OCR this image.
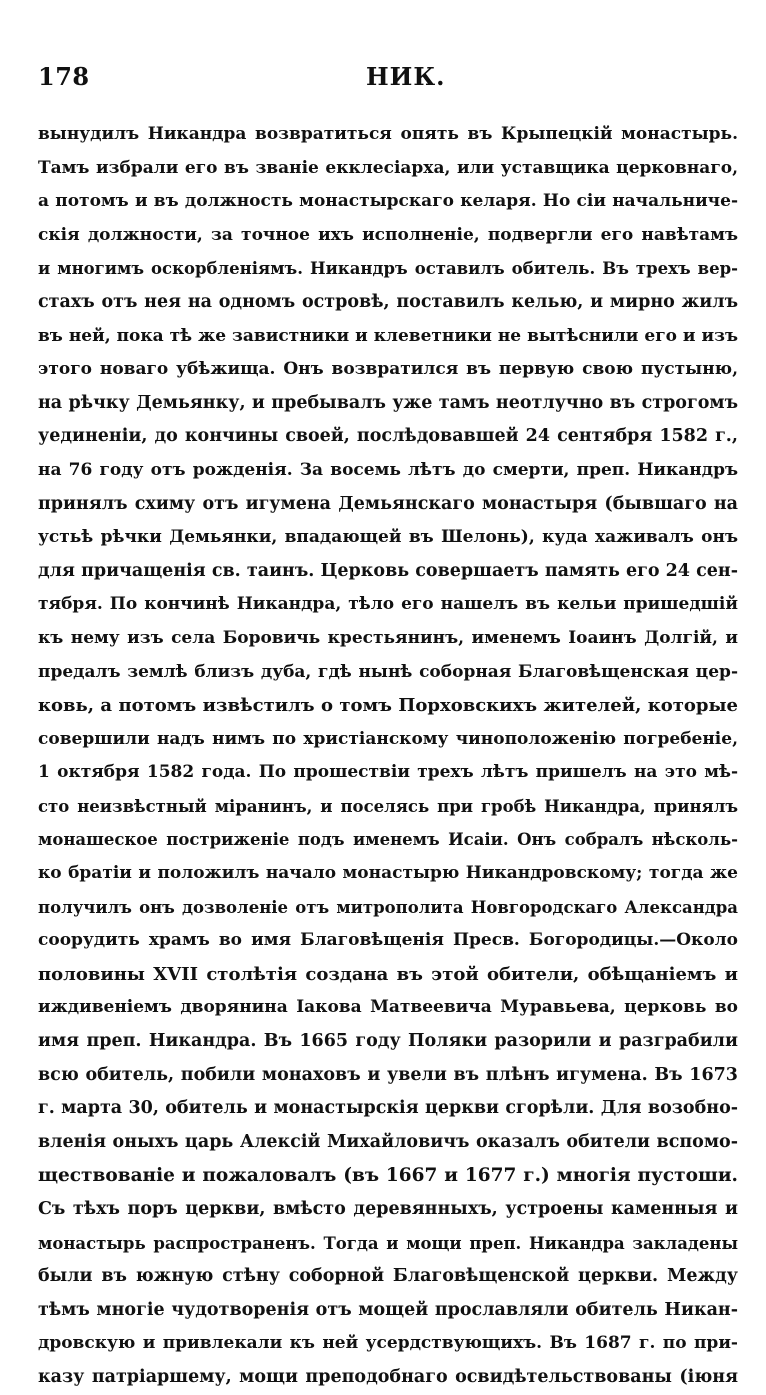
178	НИК.
вынудилъ Никандра возвратиться опять въ Крыпецкій монастырь.
Тамъ избрали его въ званіе екклесіарха, или уставщика церковнаго,
а потомъ и въ должность монастырскаго келаря. Но сіи начальниче-
скія должности, за точное ихъ исполненіе, подвергли его навѣтамъ
и многимъ оскорбленіямъ. Никандръ оставилъ обитель. Въ трехъ вер-
стахъ отъ нея на одномъ островѣ, поставилъ келью, и мирно жилъ
въ ней, пока тѣ же завистники и клеветники не вытѣснили его и изъ
этого новаго убѣжища. Онъ возвратился въ первую свою пустыню,
на рѣчку Демьянку, и пребывалъ уже тамъ неотлучно въ строгомъ
уединеніи, до кончины своей, послѣдовавшей 24 сентября 1582 г.,
на 76 году отъ рожденія. За восемь лѣтъ до смерти, преп. Никандръ
принялъ схиму отъ игумена Демьянскаго монастыря (бывшаго на
устьѣ рѣчки Демьянки, впадающей въ Шелонь), куда хаживалъ онъ
для причащенія св. таинъ. Церковь совершаетъ память его 24 сен-
тября. По кончинѣ Никандра, тѣло его нашелъ въ кельи пришедшій
къ нему изъ села Боровичь крестьянинъ, именемъ Іоаинъ Долгій, и
предалъ землѣ близъ дуба, гдѣ нынѣ соборная Благовѣщенская цер-
ковь, а потомъ извѣстилъ о томъ Порховскихъ жителей, которые
совершили надъ нимъ по христіанскому чиноположенію погребеніе,
1 октября 1582 года. По прошествіи трехъ лѣтъ пришелъ на это мѣ-
сто неизвѣстный міранинъ, и поселясь при гробѣ Никандра, принялъ
монашеское постриженіе подъ именемъ Исаіи. Онъ собралъ нѣсколь-
ко братіи и положилъ начало монастырю Никандровскому; тогда же
получилъ онъ дозволеніе отъ митрополита Новгородскаго Александра
соорудить храмъ во имя Благовѣщенія Пресв. Богородицы.—Около
половины XVII столѣтія создана въ этой обители, обѣщаніемъ и
иждивеніемъ дворянина Іакова Матвеевича Муравьева, церковь во
имя преп. Никандра. Въ 1665 году Поляки разорили и разграбили
всю обитель, побили монаховъ и увели въ плѣнъ игумена. Въ 1673
г. марта 30, обитель и монастырскія церкви сгорѣли. Для возобно-
вленія оныхъ царь Алексій Михайловичъ оказалъ обители вспомо-
ществованіе и пожаловалъ (въ 1667 и 1677 г.) многія пустоши.
Съ тѣхъ поръ церкви, вмѣсто деревянныхъ, устроены каменныя и
монастырь распространенъ. Тогда и мощи преп. Никандра закладены
были въ южную стѣну соборной Благовѣщенской церкви. Между
тѣмъ многіе чудотворенія отъ мощей прославляли обитель Никан-
дровскую и привлекали къ ней усердствующихъ. Въ 1687 г. по при-
казу патріаршему, мощи преподобнаго освидѣтельствованы (іюня
